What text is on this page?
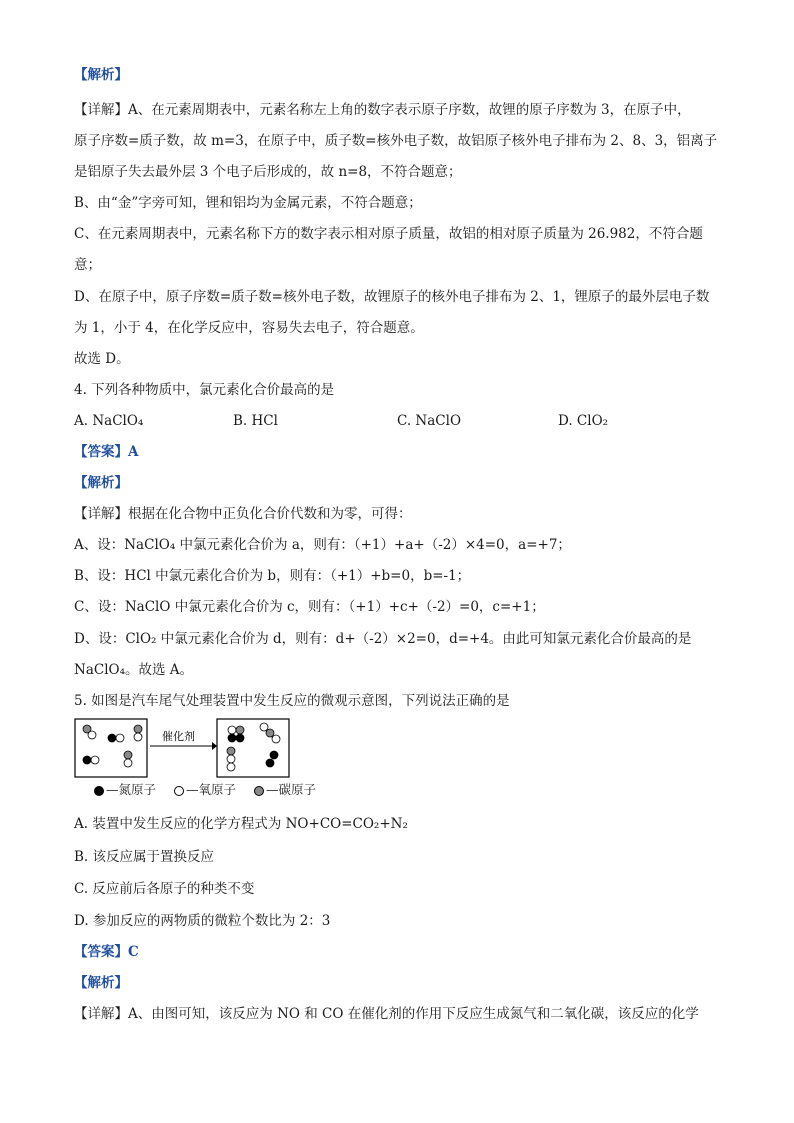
【解析】
【详解】A、在元素周期表中，元素名称左上角的数字表示原子序数，故锂的原子序数为 3，在原子中，
原子序数=质子数，故 m=3，在原子中，质子数=核外电子数，故铝原子核外电子排布为 2、8、3，铝离子
是铝原子失去最外层 3 个电子后形成的，故 n=8，不符合题意；
B、由“金”字旁可知，锂和铝均为金属元素，不符合题意；
C、在元素周期表中，元素名称下方的数字表示相对原子质量，故铝的相对原子质量为 26.982，不符合题
意；
D、在原子中，原子序数=质子数=核外电子数，故锂原子的核外电子排布为 2、1，锂原子的最外层电子数
为 1，小于 4，在化学反应中，容易失去电子，符合题意。
故选 D。
4. 下列各种物质中，氯元素化合价最高的是
A. NaClO₄	B. HCl	C. NaClO	D. ClO₂
【答案】A
【解析】
【详解】根据在化合物中正负化合价代数和为零，可得：
A、设：NaClO₄ 中氯元素化合价为 a，则有：（+1）+a+（-2）×4=0，a=+7；
B、设：HCl 中氯元素化合价为 b，则有：（+1）+b=0，b=-1；
C、设：NaClO 中氯元素化合价为 c，则有：（+1）+c+（-2）=0，c=+1；
D、设：ClO₂ 中氯元素化合价为 d，则有：d+（-2）×2=0，d=+4。由此可知氯元素化合价最高的是
NaClO₄。故选 A。
5. 如图是汽车尾气处理装置中发生反应的微观示意图，下列说法正确的是
催化剂
—氮原子 —氧原子 —碳原子
A. 装置中发生反应的化学方程式为 NO+CO=CO₂+N₂
B. 该反应属于置换反应
C. 反应前后各原子的种类不变
D. 参加反应的两物质的微粒个数比为 2：3
【答案】C
【解析】
【详解】A、由图可知，该反应为 NO 和 CO 在催化剂的作用下反应生成氮气和二氧化碳，该反应的化学
